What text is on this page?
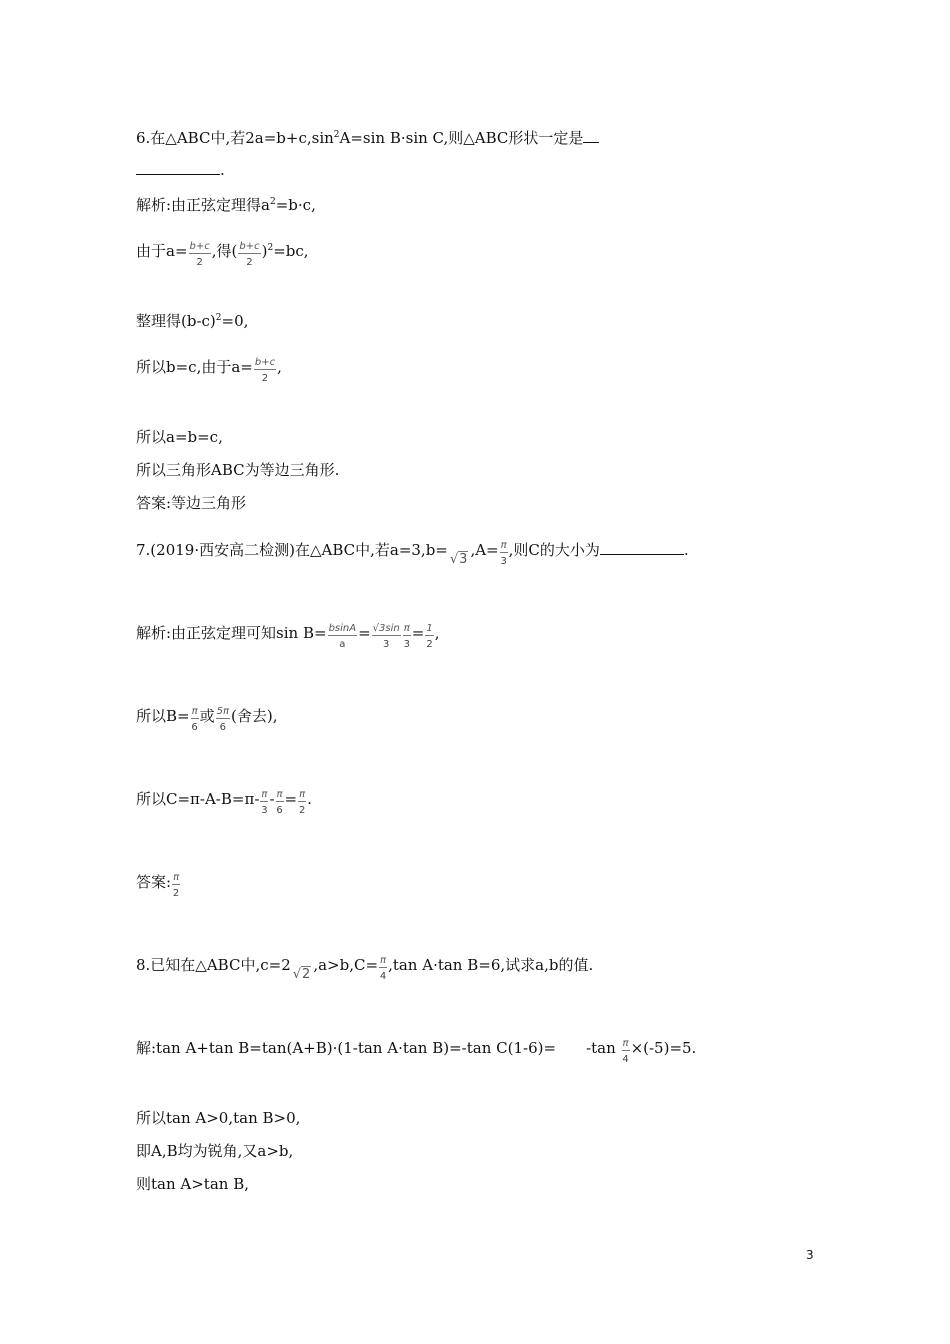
6.在△ABC中,若$2a=b+c,\sin^2A=\sin$ B·sin C,则△ABC形状一定是
.
解析:由正弦定理得$a^2=b\cdot c$,
由于$a= \frac{b+c}{2}$ ,得( $\frac{b+c}{2} )^2=bc$,
整理得$(b-c)^2=0$,
所以b=c,由于$a= \frac{b+c}{2}$ ,
所以a=b=c,
所以三角形ABC为等边三角形.
答案:等边三角形
7.(2019·西安高二检测)在△ABC中,若$a=3,b=√3,A= \frac{\pi}{3}$ ,则C的大小为	.
解析:由正弦定理可知$\sin B= \frac{bsinA}{a} = \frac{√3\sin}{3} \frac{\pi}{3} = \frac{1}{2}$ ,
所以$B= \frac{\pi}{6}$ 或 $\frac{5\pi}{6}$ (舍去),
所以$C=\pi-A-B=\pi- \frac{\pi}{3} - \frac{\pi}{6} = \frac{\pi}{2}$ .
答案: $\frac{\pi}{2}$
8.已知在△ABC中$,c=2√2,a>b,C= \frac{\pi}{4} ,\tan$ A·tan B=6,试求a,b的值.
解:tan A+tan B=tan(A+B)·(1-tan A·tan B)=-tan $C(1-6)= -\tan \frac{\pi}{4} \times(-5)=5$.
所以tan A>0,tan B>0,
即A,B均为锐角,又a>b,
则tan A>tan B,
3
